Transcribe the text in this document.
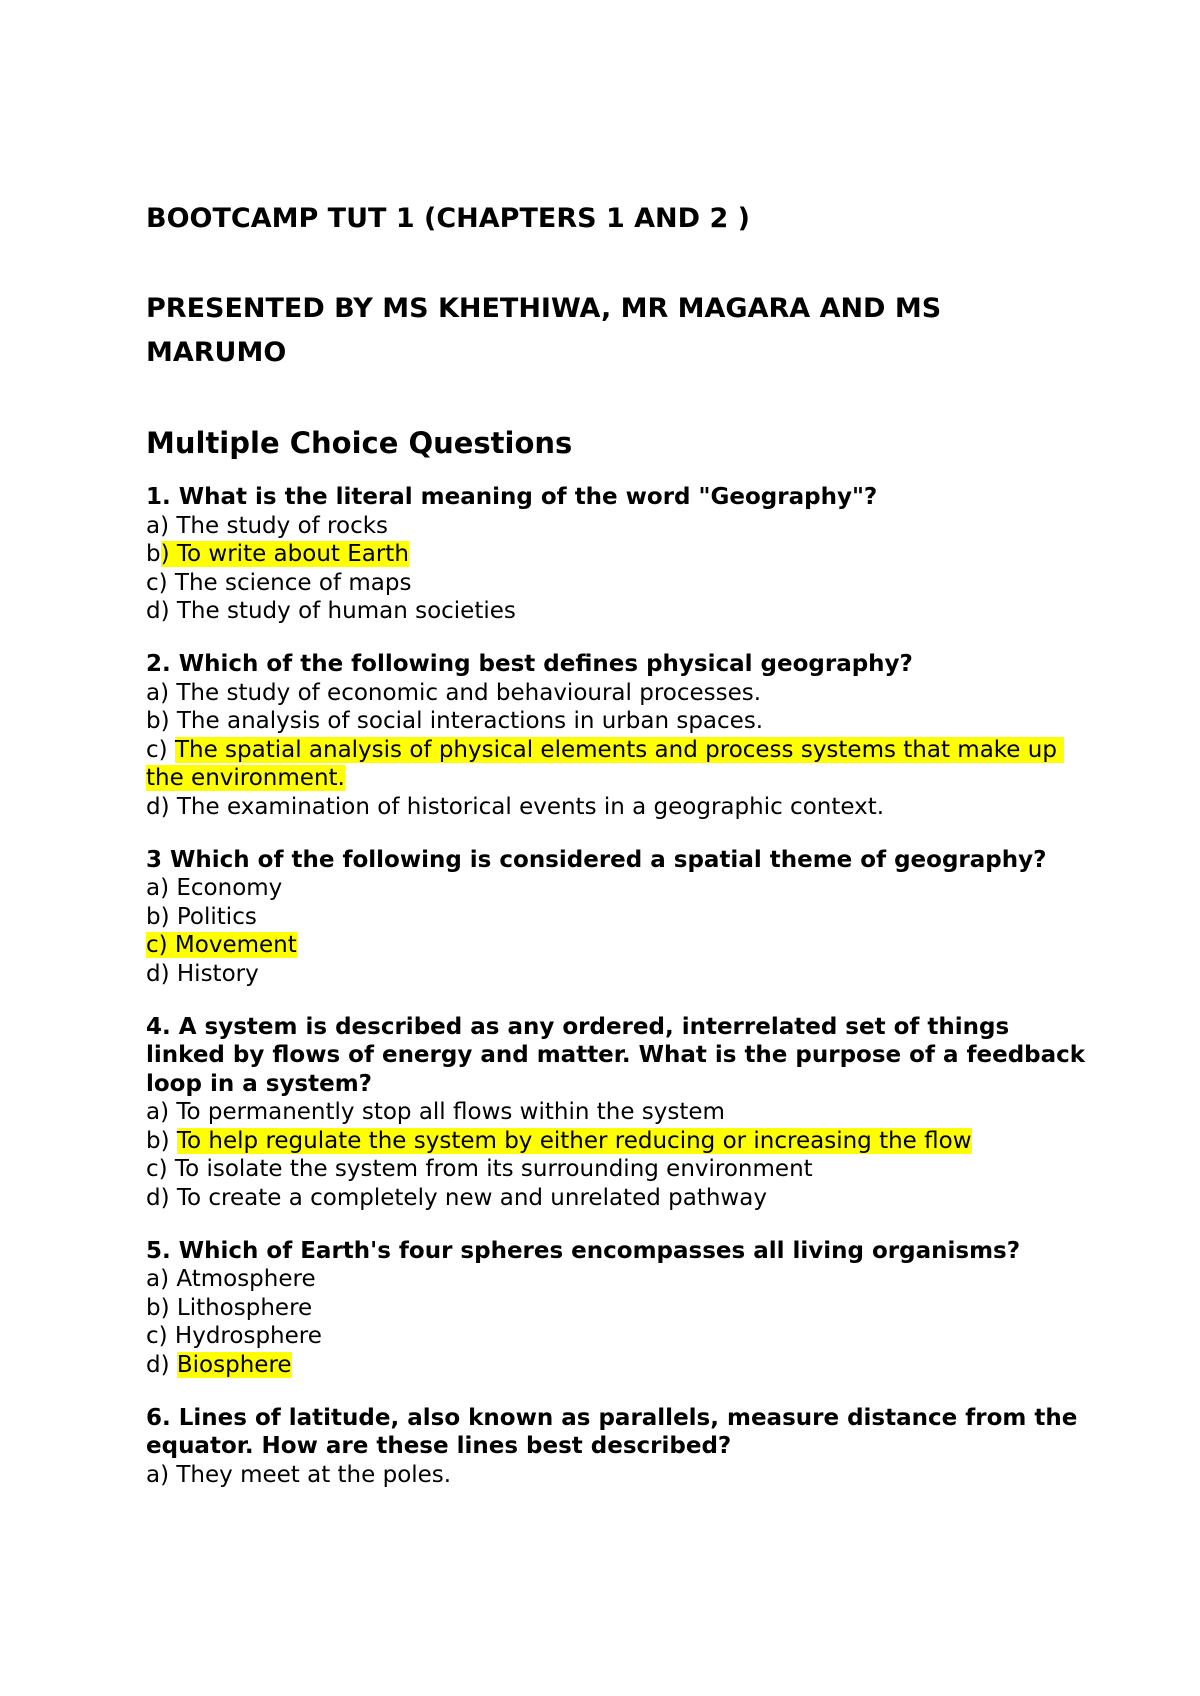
BOOTCAMP TUT 1 (CHAPTERS 1 AND 2 )

PRESENTED BY MS KHETHIWA, MR MAGARA AND MS MARUMO

Multiple Choice Questions

1. What is the literal meaning of the word "Geography"?
a) The study of rocks
b) To write about Earth
c) The science of maps
d) The study of human societies
2. Which of the following best defines physical geography?
a) The study of economic and behavioural processes.
b) The analysis of social interactions in urban spaces.
c) The spatial analysis of physical elements and process systems that make up the environment.
d) The examination of historical events in a geographic context.
3 Which of the following is considered a spatial theme of geography?
a) Economy
b) Politics
c) Movement
d) History
4. A system is described as any ordered, interrelated set of things linked by flows of energy and matter. What is the purpose of a feedback loop in a system?
a) To permanently stop all flows within the system
b) To help regulate the system by either reducing or increasing the flow
c) To isolate the system from its surrounding environment
d) To create a completely new and unrelated pathway
5. Which of Earth's four spheres encompasses all living organisms?
a) Atmosphere
b) Lithosphere
c) Hydrosphere
d) Biosphere
6. Lines of latitude, also known as parallels, measure distance from the equator. How are these lines best described?
a) They meet at the poles.
